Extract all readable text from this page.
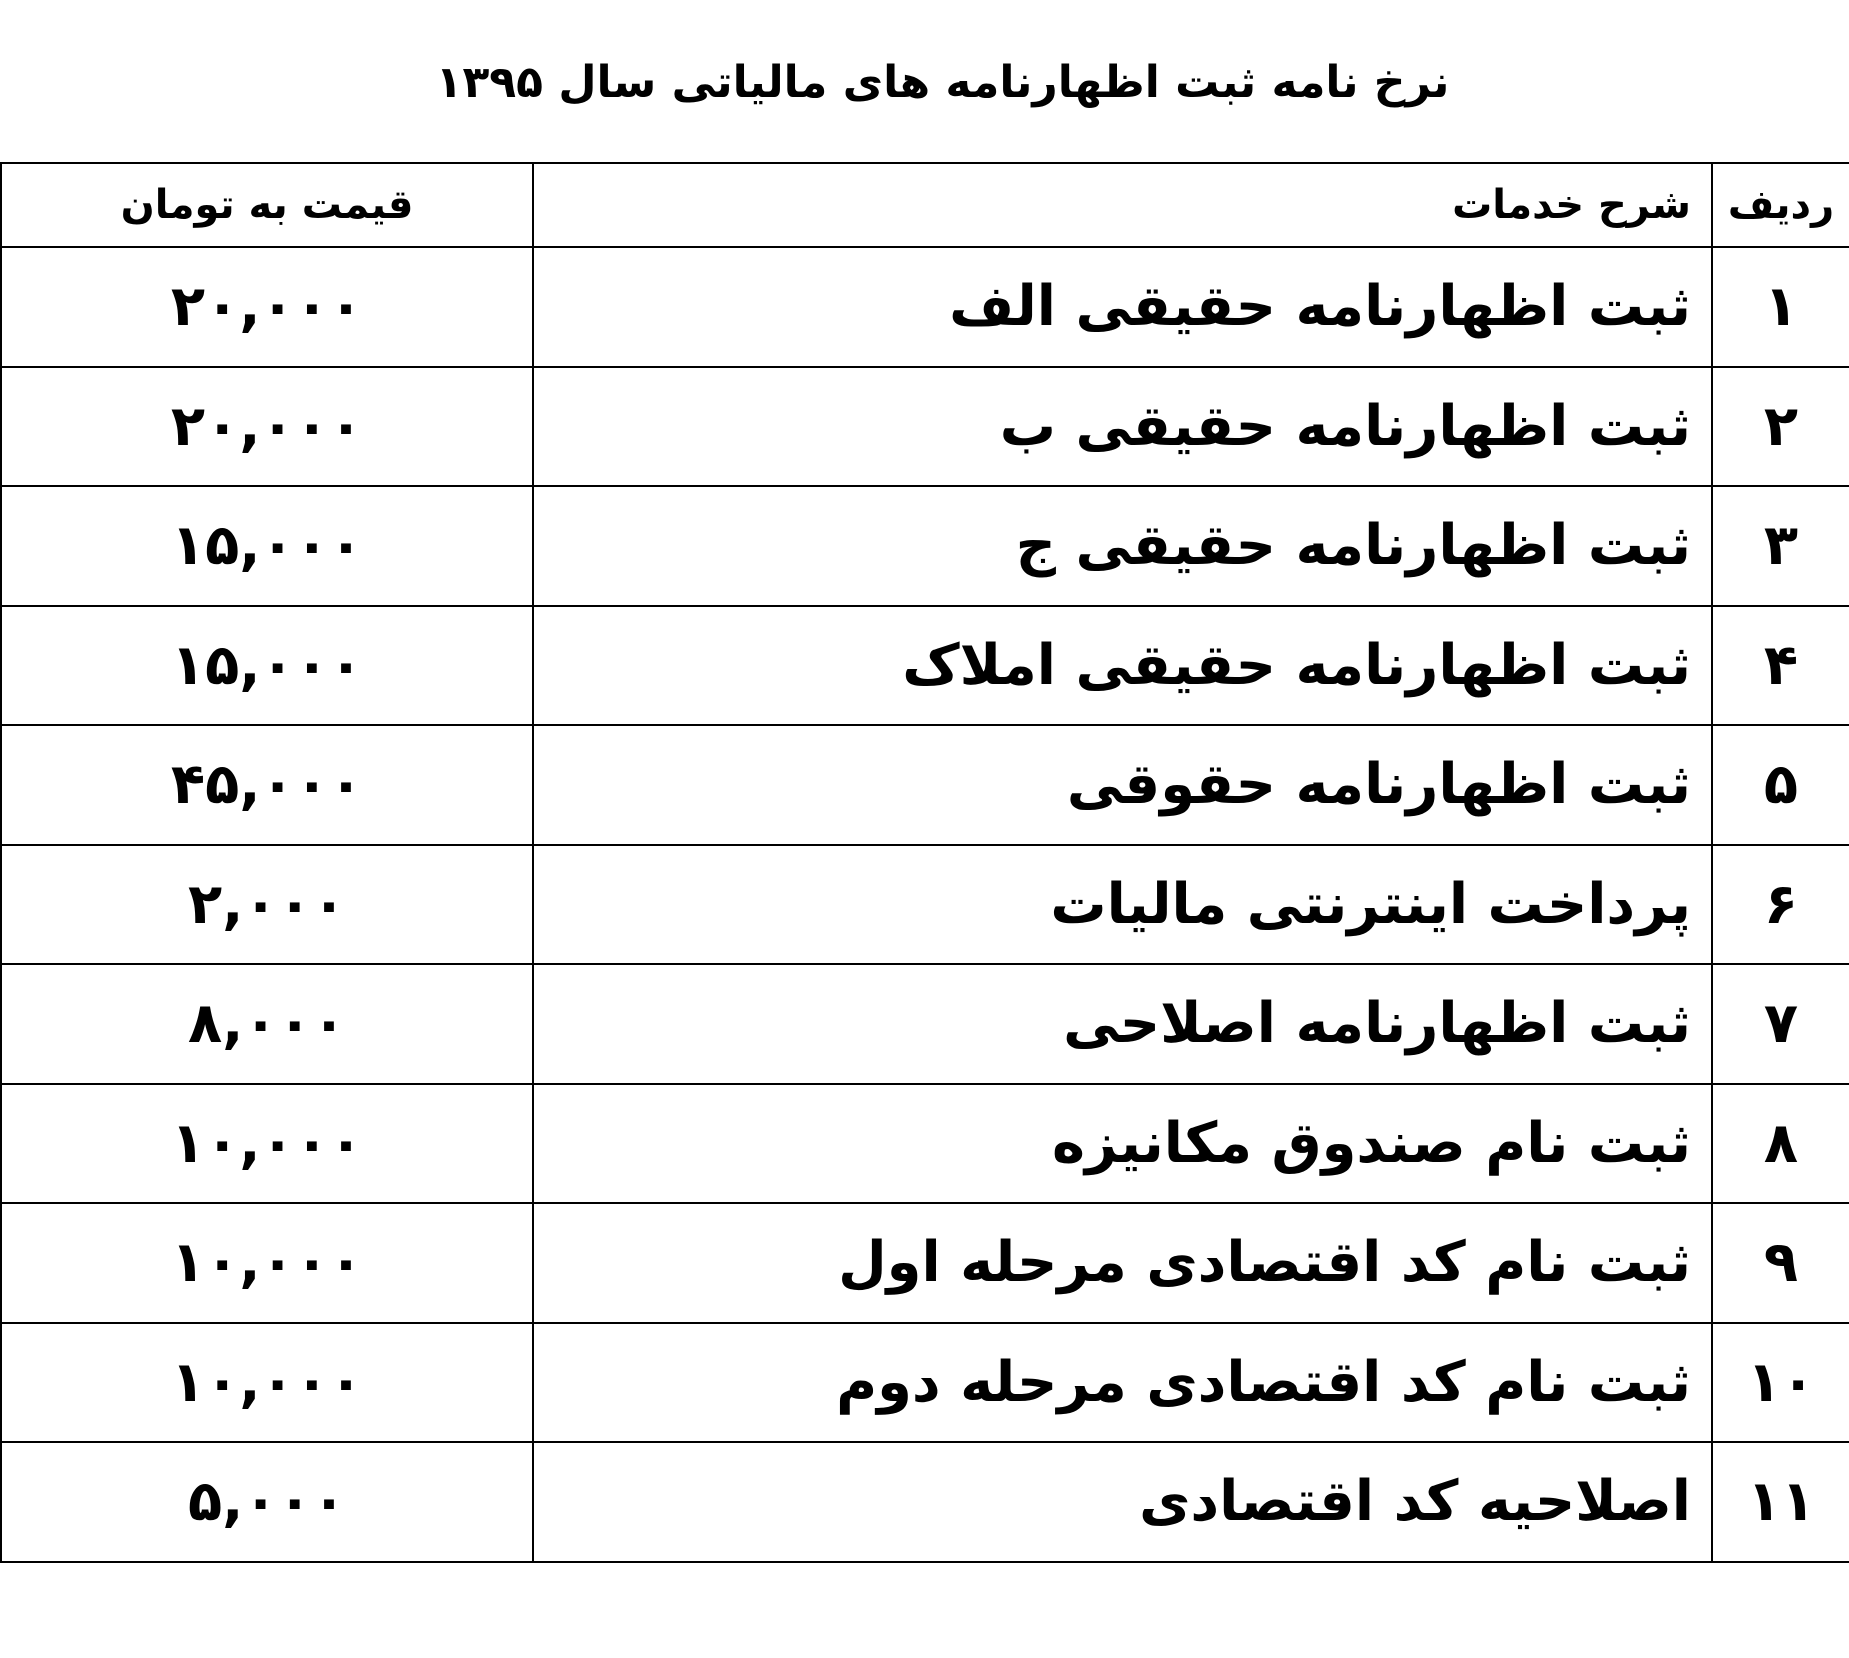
نرخ نامه ثبت اظهارنامه های مالیاتی سال ۱۳۹۵
ردیف	شرح خدمات	قیمت به تومان
۱	ثبت اظهارنامه حقیقی الف	۲۰,۰۰۰
۲	ثبت اظهارنامه حقیقی ب	۲۰,۰۰۰
۳	ثبت اظهارنامه حقیقی ج	۱۵,۰۰۰
۴	ثبت اظهارنامه حقیقی املاک	۱۵,۰۰۰
۵	ثبت اظهارنامه حقوقی	۴۵,۰۰۰
۶	پرداخت اینترنتی مالیات	۲,۰۰۰
۷	ثبت اظهارنامه اصلاحی	۸,۰۰۰
۸	ثبت نام صندوق مکانیزه	۱۰,۰۰۰
۹	ثبت نام کد اقتصادی مرحله اول	۱۰,۰۰۰
۱۰	ثبت نام کد اقتصادی مرحله دوم	۱۰,۰۰۰
۱۱	اصلاحیه کد اقتصادی	۵,۰۰۰
